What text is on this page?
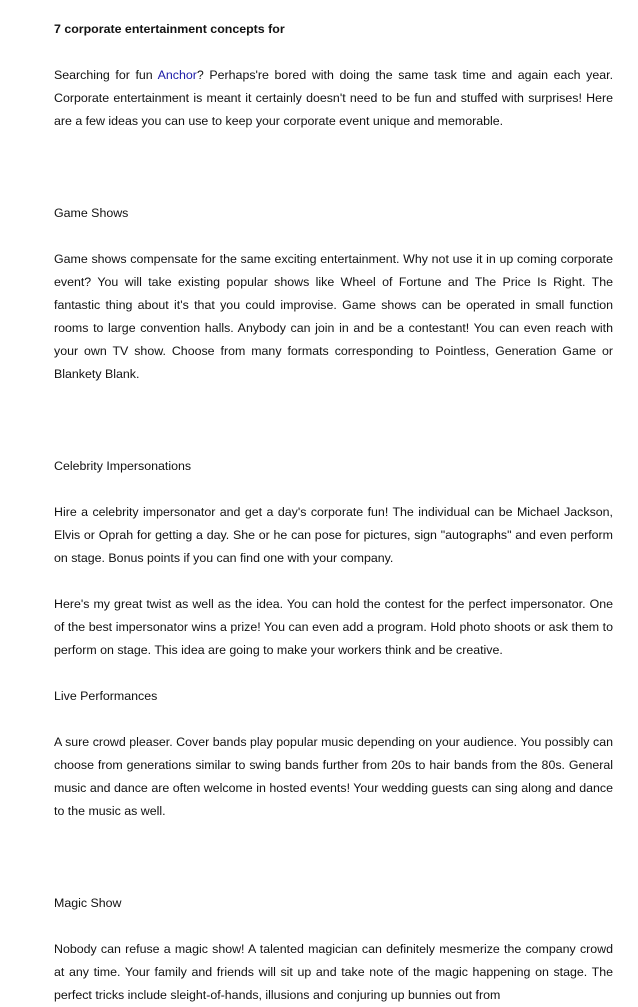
7 corporate entertainment concepts for

Searching for fun Anchor? Perhaps're bored with doing the same task time and again each year. Corporate entertainment is meant it certainly doesn't need to be fun and stuffed with surprises! Here are a few ideas you can use to keep your corporate event unique and memorable.

Game Shows

Game shows compensate for the same exciting entertainment. Why not use it in up coming corporate event? You will take existing popular shows like Wheel of Fortune and The Price Is Right. The fantastic thing about it's that you could improvise. Game shows can be operated in small function rooms to large convention halls. Anybody can join in and be a contestant! You can even reach with your own TV show. Choose from many formats corresponding to Pointless, Generation Game or Blankety Blank.

Celebrity Impersonations

Hire a celebrity impersonator and get a day's corporate fun! The individual can be Michael Jackson, Elvis or Oprah for getting a day. She or he can pose for pictures, sign "autographs" and even perform on stage. Bonus points if you can find one with your company.

Here's my great twist as well as the idea. You can hold the contest for the perfect impersonator. One of the best impersonator wins a prize! You can even add a program. Hold photo shoots or ask them to perform on stage. This idea are going to make your workers think and be creative.

Live Performances

A sure crowd pleaser. Cover bands play popular music depending on your audience. You possibly can choose from generations similar to swing bands further from 20s to hair bands from the 80s. General music and dance are often welcome in hosted events! Your wedding guests can sing along and dance to the music as well.

Magic Show

Nobody can refuse a magic show! A talented magician can definitely mesmerize the company crowd at any time. Your family and friends will sit up and take note of the magic happening on stage. The perfect tricks include sleight-of-hands, illusions and conjuring up bunnies out from
